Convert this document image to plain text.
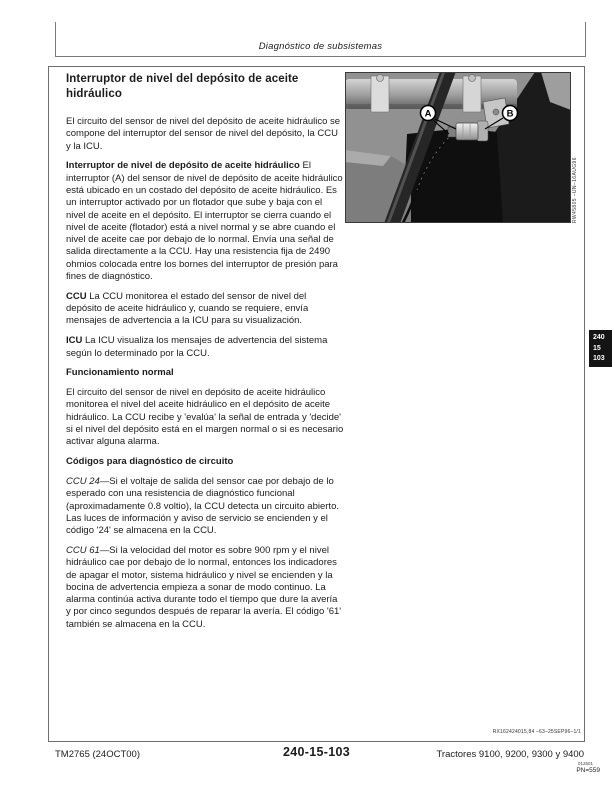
Diagnóstico de subsistemas
Interruptor de nivel del depósito de aceite hidráulico

El circuito del sensor de nivel del depósito de aceite hidráulico se compone del interruptor del sensor de nivel del depósito, la CCU y la ICU.

Interruptor de nivel de depósito de aceite hidráulico El interruptor (A) del sensor de nivel de depósito de aceite hidráulico está ubicado en un costado del depósito de aceite hidráulico. Es un interruptor activado por un flotador que sube y baja con el nivel de aceite en el depósito. El interruptor se cierra cuando el nivel de aceite (flotador) está a nivel normal y se abre cuando el nivel de aceite cae por debajo de lo normal. Envía una señal de salida directamente a la CCU. Hay una resistencia fija de 2490 ohmios colocada entre los bornes del interruptor de presión para fines de diagnóstico.

CCU La CCU monitorea el estado del sensor de nivel del depósito de aceite hidráulico y, cuando se requiere, envía mensajes de advertencia a la ICU para su visualización.

ICU La ICU visualiza los mensajes de advertencia del sistema según lo determinado por la CCU.

Funcionamiento normal

El circuito del sensor de nivel en depósito de aceite hidráulico monitorea el nivel del aceite hidráulico en el depósito de aceite hidráulico. La CCU recibe y 'evalúa' la señal de entrada y 'decide' si el nivel del depósito está en el margen normal o si es necesario activar alguna alarma.

Códigos para diagnóstico de circuito

CCU 24—Si el voltaje de salida del sensor cae por debajo de lo esperado con una resistencia de diagnóstico funcional (aproximadamente 0.8 voltio), la CCU detecta un circuito abierto. Las luces de información y aviso de servicio se encienden y el código '24' se almacena en la CCU.

CCU 61—Si la velocidad del motor es sobre 900 rpm y el nivel hidráulico cae por debajo de lo normal, entonces los indicadores de apagar el motor, sistema hidráulico y nivel se encienden y la bocina de advertencia empieza a sonar de modo continuo. La alarma continúa activa durante todo el tiempo que dure la avería y por cinco segundos después de reparar la avería. El código '61' también se almacena en la CCU.

A	B
RW45805 –UN–16AUG96
240
15
103
RX162424015,84 –63–25SEP96–1/1
TM2765 (24OCT00)	240-15-103	Tractores 9100, 9200, 9300 y 9400
012601
PN=559
